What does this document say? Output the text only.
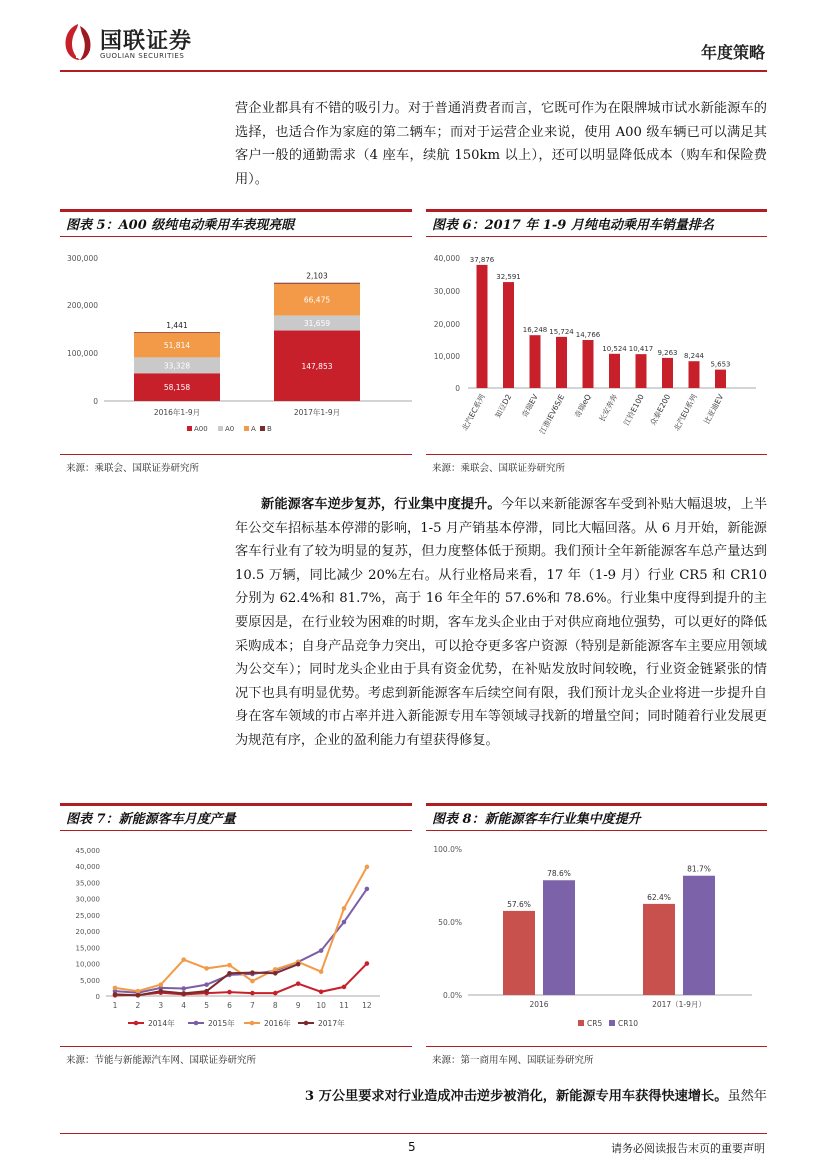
国联证券
GUOLIAN SECURITIES	年度策略
营企业都具有不错的吸引力。对于普通消费者而言，它既可作为在限牌城市试水新能源车的选择，也适合作为家庭的第二辆车；而对于运营企业来说，使用 A00 级车辆已可以满足其客户一般的通勤需求（4 座车，续航 150km 以上），还可以明显降低成本（购车和保险费用）。
图表 5：A00 级纯电动乘用车表现亮眼
300,000
200,000
100,000
0
58,158
33,328
51,814
1,441
147,853
31,659
66,475
2,103
2016年1-9月	2017年1-9月
A00 A0 A B
来源：乘联会、国联证券研究所
图表 6：2017 年 1-9 月纯电动乘用车销量排名
40,000
30,000
20,000
10,000
0
37,876
北汽EC系列
32,591
知豆D2
16,248
奇瑞EV
15,724
江淮IEV6S/E
14,766
奇瑞eQ
10,524
长安奔奔
10,417
江铃E100
9,263
众泰E200
8,244
北汽EU系列
5,653
比亚迪EV
来源：乘联会、国联证券研究所
新能源客车逆步复苏，行业集中度提升。今年以来新能源客车受到补贴大幅退坡，上半年公交车招标基本停滞的影响，1-5 月产销基本停滞，同比大幅回落。从 6 月开始，新能源客车行业有了较为明显的复苏，但力度整体低于预期。我们预计全年新能源客车总产量达到 10.5 万辆，同比减少 20%左右。从行业格局来看，17 年（1-9 月）行业 CR5 和 CR10 分别为 62.4%和 81.7%，高于 16 年全年的 57.6%和 78.6%。行业集中度得到提升的主要原因是，在行业较为困难的时期，客车龙头企业由于对供应商地位强势，可以更好的降低采购成本；自身产品竞争力突出，可以抢夺更多客户资源（特别是新能源客车主要应用领域为公交车）；同时龙头企业由于具有资金优势，在补贴发放时间较晚，行业资金链紧张的情况下也具有明显优势。考虑到新能源客车后续空间有限，我们预计龙头企业将进一步提升自身在客车领域的市占率并进入新能源专用车等领域寻找新的增量空间；同时随着行业发展更为规范有序，企业的盈利能力有望获得修复。
图表 7：新能源客车月度产量
0
5,000
10,000
15,000
20,000
25,000
30,000
35,000
40,000
45,000
1 2 3 4 5 6 7 8 9 10 11 12
2014年	2015年	2016年	2017年
来源：节能与新能源汽车网、国联证券研究所
图表 8：新能源客车行业集中度提升
100.0%
50.0%
0.0%
57.6%
78.6%
62.4%
81.7%
2016	2017（1-9月）
CR5 CR10
来源：第一商用车网、国联证券研究所
3 万公里要求对行业造成冲击逆步被消化，新能源专用车获得快速增长。虽然年
5	请务必阅读报告末页的重要声明
